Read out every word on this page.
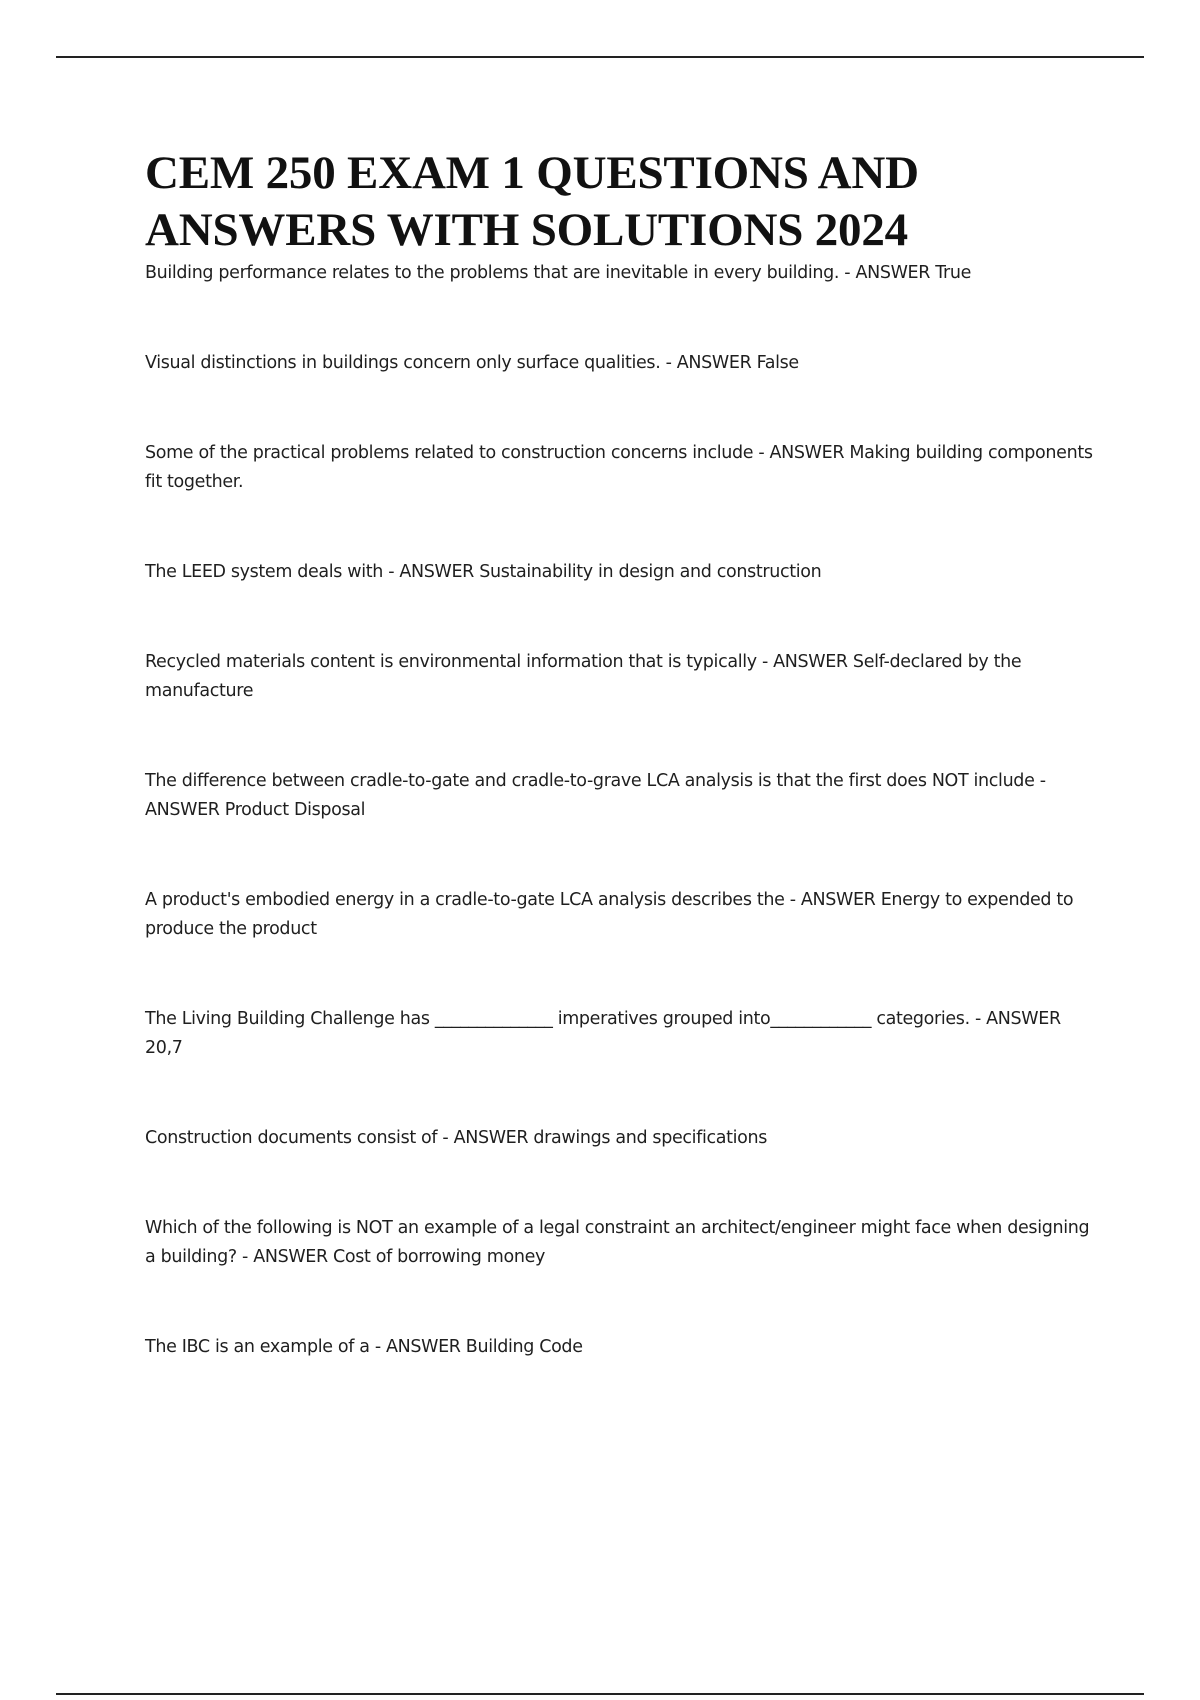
CEM 250 EXAM 1 QUESTIONS AND ANSWERS WITH SOLUTIONS 2024
Building performance relates to the problems that are inevitable in every building. - ANSWER True
Visual distinctions in buildings concern only surface qualities. - ANSWER False
Some of the practical problems related to construction concerns include - ANSWER Making building components fit together.
The LEED system deals with - ANSWER Sustainability in design and construction
Recycled materials content is environmental information that is typically - ANSWER Self-declared by the manufacture
The difference between cradle-to-gate and cradle-to-grave LCA analysis is that the first does NOT include - ANSWER Product Disposal
A product's embodied energy in a cradle-to-gate LCA analysis describes the - ANSWER Energy to expended to produce the product
The Living Building Challenge has ______________ imperatives grouped into____________ categories. - ANSWER 20,7
Construction documents consist of - ANSWER drawings and specifications
Which of the following is NOT an example of a legal constraint an architect/engineer might face when designing a building? - ANSWER Cost of borrowing money
The IBC is an example of a - ANSWER Building Code
